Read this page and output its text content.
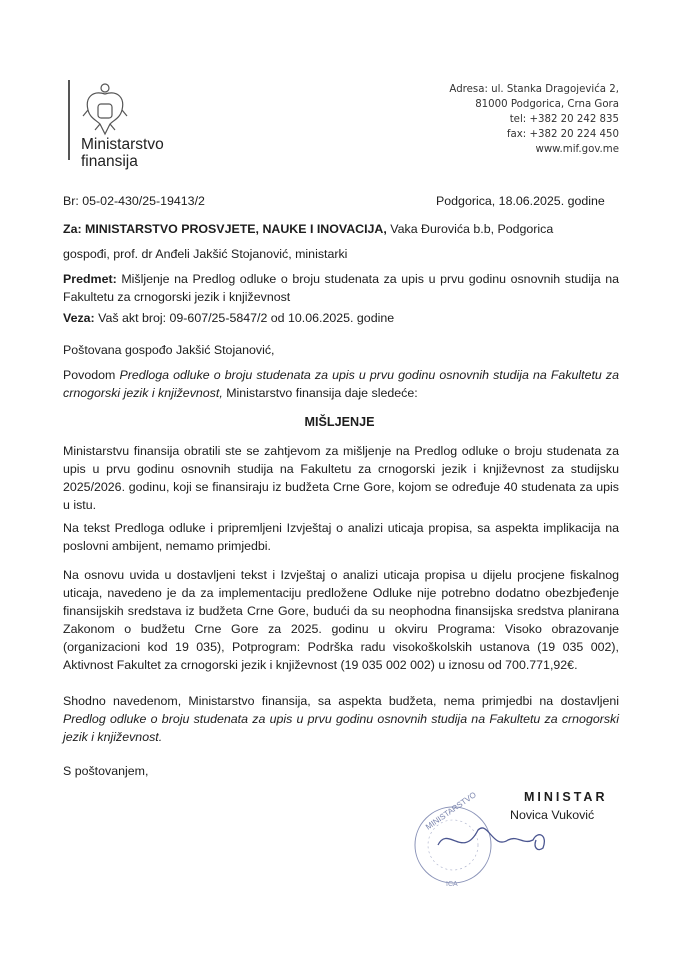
Ministarstvo
finansija
Adresa: ul. Stanka Dragojevića 2,
81000 Podgorica, Crna Gora
tel: +382 20 242 835
fax: +382 20 224 450
www.mif.gov.me
Br: 05-02-430/25-19413/2	Podgorica, 18.06.2025. godine
Za: MINISTARSTVO PROSVJETE, NAUKE I INOVACIJA, Vaka Đurovića b.b, Podgorica
gospođi, prof. dr Anđeli Jakšić Stojanović, ministarki
Predmet: Mišljenje na Predlog odluke o broju studenata za upis u prvu godinu osnovnih studija na Fakultetu za crnogorski jezik i književnost
Veza: Vaš akt broj: 09-607/25-5847/2 od 10.06.2025. godine
Poštovana gospođo Jakšić Stojanović,
Povodom Predloga odluke o broju studenata za upis u prvu godinu osnovnih studija na Fakultetu za crnogorski jezik i književnost, Ministarstvo finansija daje sledeće:
MIŠLJENJE
Ministarstvu finansija obratili ste se zahtjevom za mišljenje na Predlog odluke o broju studenata za upis u prvu godinu osnovnih studija na Fakultetu za crnogorski jezik i književnost za studijsku 2025/2026. godinu, koji se finansiraju iz budžeta Crne Gore, kojom se određuje 40 studenata za upis u istu.
Na tekst Predloga odluke i pripremljeni Izvještaj o analizi uticaja propisa, sa aspekta implikacija na poslovni ambijent, nemamo primjedbi.
Na osnovu uvida u dostavljeni tekst i Izvještaj o analizi uticaja propisa u dijelu procjene fiskalnog uticaja, navedeno je da za implementaciju predložene Odluke nije potrebno dodatno obezbjeđenje finansijskih sredstava iz budžeta Crne Gore, budući da su neophodna finansijska sredstva planirana Zakonom o budžetu Crne Gore za 2025. godinu u okviru Programa: Visoko obrazovanje (organizacioni kod 19 035), Potprogram: Podrška radu visokoškolskih ustanova (19 035 002), Aktivnost Fakultet za crnogorski jezik i književnost (19 035 002 002) u iznosu od 700.771,92€.
Shodno navedenom, Ministarstvo finansija, sa aspekta budžeta, nema primjedbi na dostavljeni Predlog odluke o broju studenata za upis u prvu godinu osnovnih studija na Fakultetu za crnogorski jezik i književnost.
S poštovanjem,
MINISTARSTVO
ICA
MINISTAR
Novica Vuković
